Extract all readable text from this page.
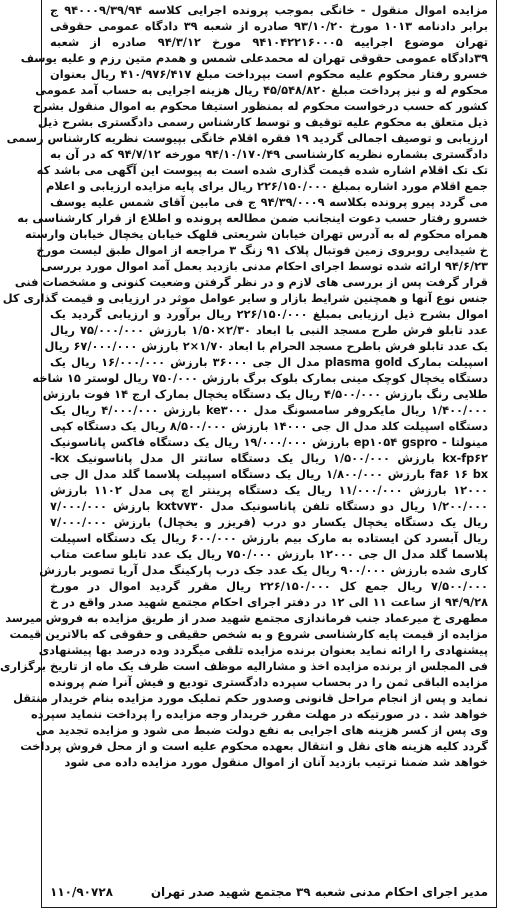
مزایده اموال منقول - خانگی بموجب پرونده اجرایی کلاسه ۹۴۰۰۰۹/۳۹/۹۴ ج
برابر دادنامه ۱۰۱۳ مورخ ۹۳/۱۰/۲۰ صادره از شعبه ۳۹ دادگاه عمومی حقوقی
تهران موضوع اجراییه ۹۴۱۰۴۲۲۱۶۰۰۰۵ مورخ ۹۴/۳/۱۲ صادره از شعبه
۳۹دادگاه عمومی حقوقی تهران له محمدعلی شمس و همدم متین رزم و علیه یوسف
خسرو رفتار محکوم علیه محکوم است بپرداخت مبلغ ۴۱۰/۹۷۶/۴۱۷ ریال بعنوان
محکوم له و نیز پرداخت مبلغ ۴۵/۵۴۸/۸۲۰ ریال هزینه اجرایی به حساب آمد عمومی
کشور که حسب درخواست محکوم له بمنظور استیفا محکوم به اموال منقول بشرح
ذیل متعلق به محکوم علیه توقیف و توسط کارشناس رسمی دادگستری بشرح ذیل
ارزیابی و توصیف اجمالی گردید ۱۹ فقره اقلام خانگی بپیوست نظریه کارشناس رسمی
دادگستری بشماره نظریه کارشناسی ۹۴/۱۰/۱۷۰/۴۹ مورخه ۹۴/۷/۱۲ که در آن به
تک تک اقلام اشاره شده قیمت گذاری شده است به پیوست این آگهی می باشد که
جمع اقلام مورد اشاره بمبلغ ۲۲۶/۱۵۰/۰۰۰ ریال برای پایه مزایده ارزیابی و اعلام
می گردد پیرو پرونده بکلاسه ۹۴/۳۹/۰۰۰۹ ج فی مابین آقای شمس علیه یوسف
خسرو رفتار حسب دعوت اینجانب ضمن مطالعه پرونده و اطلاع از قرار کارشناسی به
همراه محکوم له به آدرس تهران خیابان شریعتی قلهک خیابان یخچال خیابان وارسته
خ شیدایی روبروی زمین فوتبال پلاک ۹۱ زنگ ۳ مراجعه از اموال طبق لیست مورخ
۹۴/۶/۲۳ ارائه شده توسط اجرای احکام مدنی بازدید بعمل آمد اموال مورد بررسی
قرار گرفت پس از بررسی های لازم و در نظر گرفتن وضعیت کنونی و مشخصات فنی
جنس نوع آنها و همچنین شرایط بازار و سایر عوامل موثر در ارزیابی و قیمت گذاری کل
اموال بشرح ذیل ارزیابی بمبلغ ۲۲۶/۱۵۰/۰۰۰ ریال برآورد و ارزیابی گردید یک
عدد تابلو فرش طرح مسجد النبی با ابعاد ۲/۳۰×۱/۵۰ بارزش ۷۵/۰۰۰/۰۰۰ ریال
یک عدد تابلو فرش باطرح مسجد الحرام با ابعاد ۱/۷۰×۲ بارزش ۶۷/۰۰۰/۰۰۰ ریال
اسپیلت بمارک plasma gold مدل ال جی ۳۶۰۰۰ بارزش ۱۶/۰۰۰/۰۰۰ ریال یک
دستگاه یخچال کوچک مینی بمارک بلوک برگ بارزش ۷۵۰/۰۰۰ ریال لوستر ۱۵ شاخه
طلایی رنگ بارزش ۴/۵۰۰/۰۰۰ ریال یک دستگاه یخچال بمارک ارج ۱۴ فوت بارزش
۱/۴۰۰/۰۰۰ ریال مایکروفر سامسونگ مدل ke۳۰۰۰ بارزش ۴/۰۰۰/۰۰۰ ریال یک
دستگاه اسپیلت کلد مدل ال جی ۱۴۰۰۰ بارزش ۸/۵۰۰/۰۰۰ ریال یک دستگاه کپی
مینولتا - ep۱۰۵۴ gspro بارزش ۱۹/۰۰۰/۰۰۰ ریال یک دستگاه فاکس پاناسونیک
kx-fp۶۲ بارزش ۱/۵۰۰/۰۰۰ ریال یک دستگاه ساتتر ال مدل پاناسونیک kx-
fa۶ ۱۶ bx بارزش ۱/۸۰۰/۰۰۰ ریال یک دستگاه اسپیلت پلاسما گلد مدل ال جی
۱۲۰۰۰ بارزش ۱۱/۰۰۰/۰۰۰ ریال یک دستگاه پرینتر اچ پی مدل ۱۱۰۲ بارزش
۱/۲۰۰/۰۰۰ ریال دو دستگاه تلفن پاناسونیک مدل kxtv۷۳۰ بارزش ۷/۰۰۰/۰۰۰
ریال یک دستگاه یخچال یکسار دو درب (فریزر و یخچال) بارزش ۷/۰۰۰/۰۰۰
ریال آبسرد کن ایستاده به مارک بیم بارزش ۶۰۰/۰۰۰ ریال یک دستگاه اسپیلت
پلاسما گلد مدل ال جی ۱۲۰۰۰ بارزش ۷۵۰/۰۰۰ ریال یک عدد تابلو ساعت متاب
کاری شده بارزش ۹۰۰/۰۰۰ ریال یک عدد جک درب پارکینگ مدل آریا تصویر بارزش
۷/۵۰۰/۰۰۰ ریال جمع کل ۲۲۶/۱۵۰/۰۰۰ ریال مقرر گردید اموال در مورخ
۹۴/۹/۲۸ از ساعت ۱۱ الی ۱۲ در دفتر اجرای احکام مجتمع شهید صدر واقع در خ
مطهری خ میرعماد جنب فرماندازی مجتمع شهید صدر از طریق مزایده به فروش میرسد
مزایده از قیمت پایه کارشناسی شروع و به شخص حقیقی و حقوقی که بالاترین قیمت
پیشنهادی را ارائه نماید بعنوان برنده مزایده تلقی میگردد وده درصد بها پیشنهادی
فی المجلس از برنده مزایده اخذ و مشارالیه موظف است ظرف یک ماه از تاریخ برگزاری
مزایده الباقی ثمن را در بحساب سپرده دادگستری تودیع و فیش آنرا ضم پرونده
نماید و پس از انجام مراحل قانونی وصدور حکم تملیک مورد مزایده بنام خریدار منتقل
خواهد شد . در صورتیکه در مهلت مقرر خریدار وجه مزایده را پرداخت ننماید سپرده
وی پس از کسر هزینه های اجرایی به نفع دولت ضبط می شود و مزایده تجدید می
گردد کلیه هزینه های نقل و انتقال بعهده محکوم علیه است و از محل فروش پرداخت
خواهد شد ضمنا ترتیب بازدید آنان از اموال منقول مورد مزایده داده می شود
مدیر اجرای احکام مدنی شعبه ۳۹ مجتمع شهید صدر تهران
۱۱۰/۹۰۷۲۸
